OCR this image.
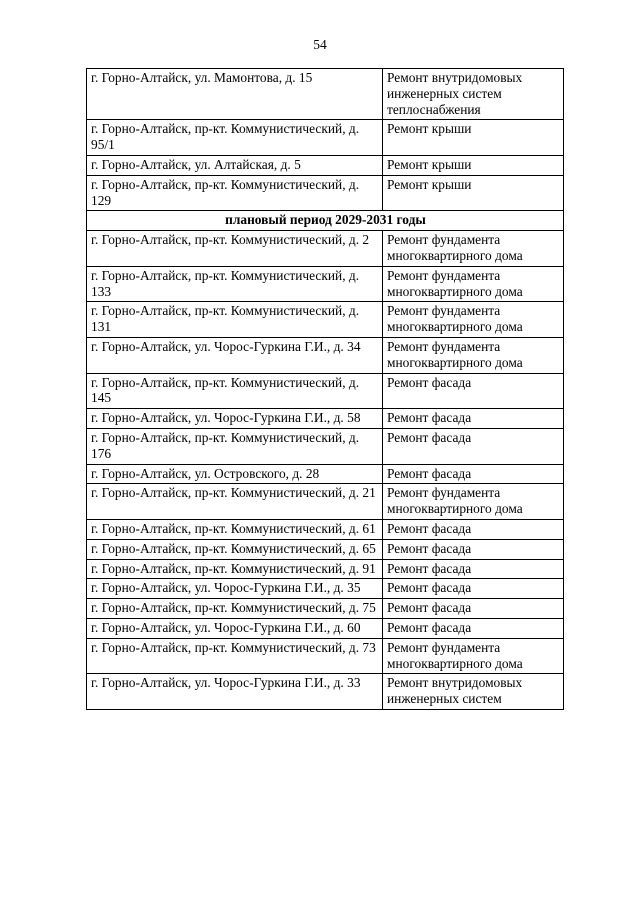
54
г. Горно-Алтайск, ул. Мамонтова, д. 15	Ремонт внутридомовых инженерных систем теплоснабжения
г. Горно-Алтайск, пр-кт. Коммунистический, д. 95/1	Ремонт крыши
г. Горно-Алтайск, ул. Алтайская, д. 5	Ремонт крыши
г. Горно-Алтайск, пр-кт. Коммунистический, д. 129	Ремонт крыши
плановый период 2029-2031 годы	
г. Горно-Алтайск, пр-кт. Коммунистический, д. 2	Ремонт фундамента многоквартирного дома
г. Горно-Алтайск, пр-кт. Коммунистический, д. 133	Ремонт фундамента многоквартирного дома
г. Горно-Алтайск, пр-кт. Коммунистический, д. 131	Ремонт фундамента многоквартирного дома
г. Горно-Алтайск, ул. Чорос-Гуркина Г.И., д. 34	Ремонт фундамента многоквартирного дома
г. Горно-Алтайск, пр-кт. Коммунистический, д. 145	Ремонт фасада
г. Горно-Алтайск, ул. Чорос-Гуркина Г.И., д. 58	Ремонт фасада
г. Горно-Алтайск, пр-кт. Коммунистический, д. 176	Ремонт фасада
г. Горно-Алтайск, ул. Островского, д. 28	Ремонт фасада
г. Горно-Алтайск, пр-кт. Коммунистический, д. 21	Ремонт фундамента многоквартирного дома
г. Горно-Алтайск, пр-кт. Коммунистический, д. 61	Ремонт фасада
г. Горно-Алтайск, пр-кт. Коммунистический, д. 65	Ремонт фасада
г. Горно-Алтайск, пр-кт. Коммунистический, д. 91	Ремонт фасада
г. Горно-Алтайск, ул. Чорос-Гуркина Г.И., д. 35	Ремонт фасада
г. Горно-Алтайск, пр-кт. Коммунистический, д. 75	Ремонт фасада
г. Горно-Алтайск, ул. Чорос-Гуркина Г.И., д. 60	Ремонт фасада
г. Горно-Алтайск, пр-кт. Коммунистический, д. 73	Ремонт фундамента многоквартирного дома
г. Горно-Алтайск, ул. Чорос-Гуркина Г.И., д. 33	Ремонт внутридомовых инженерных систем
